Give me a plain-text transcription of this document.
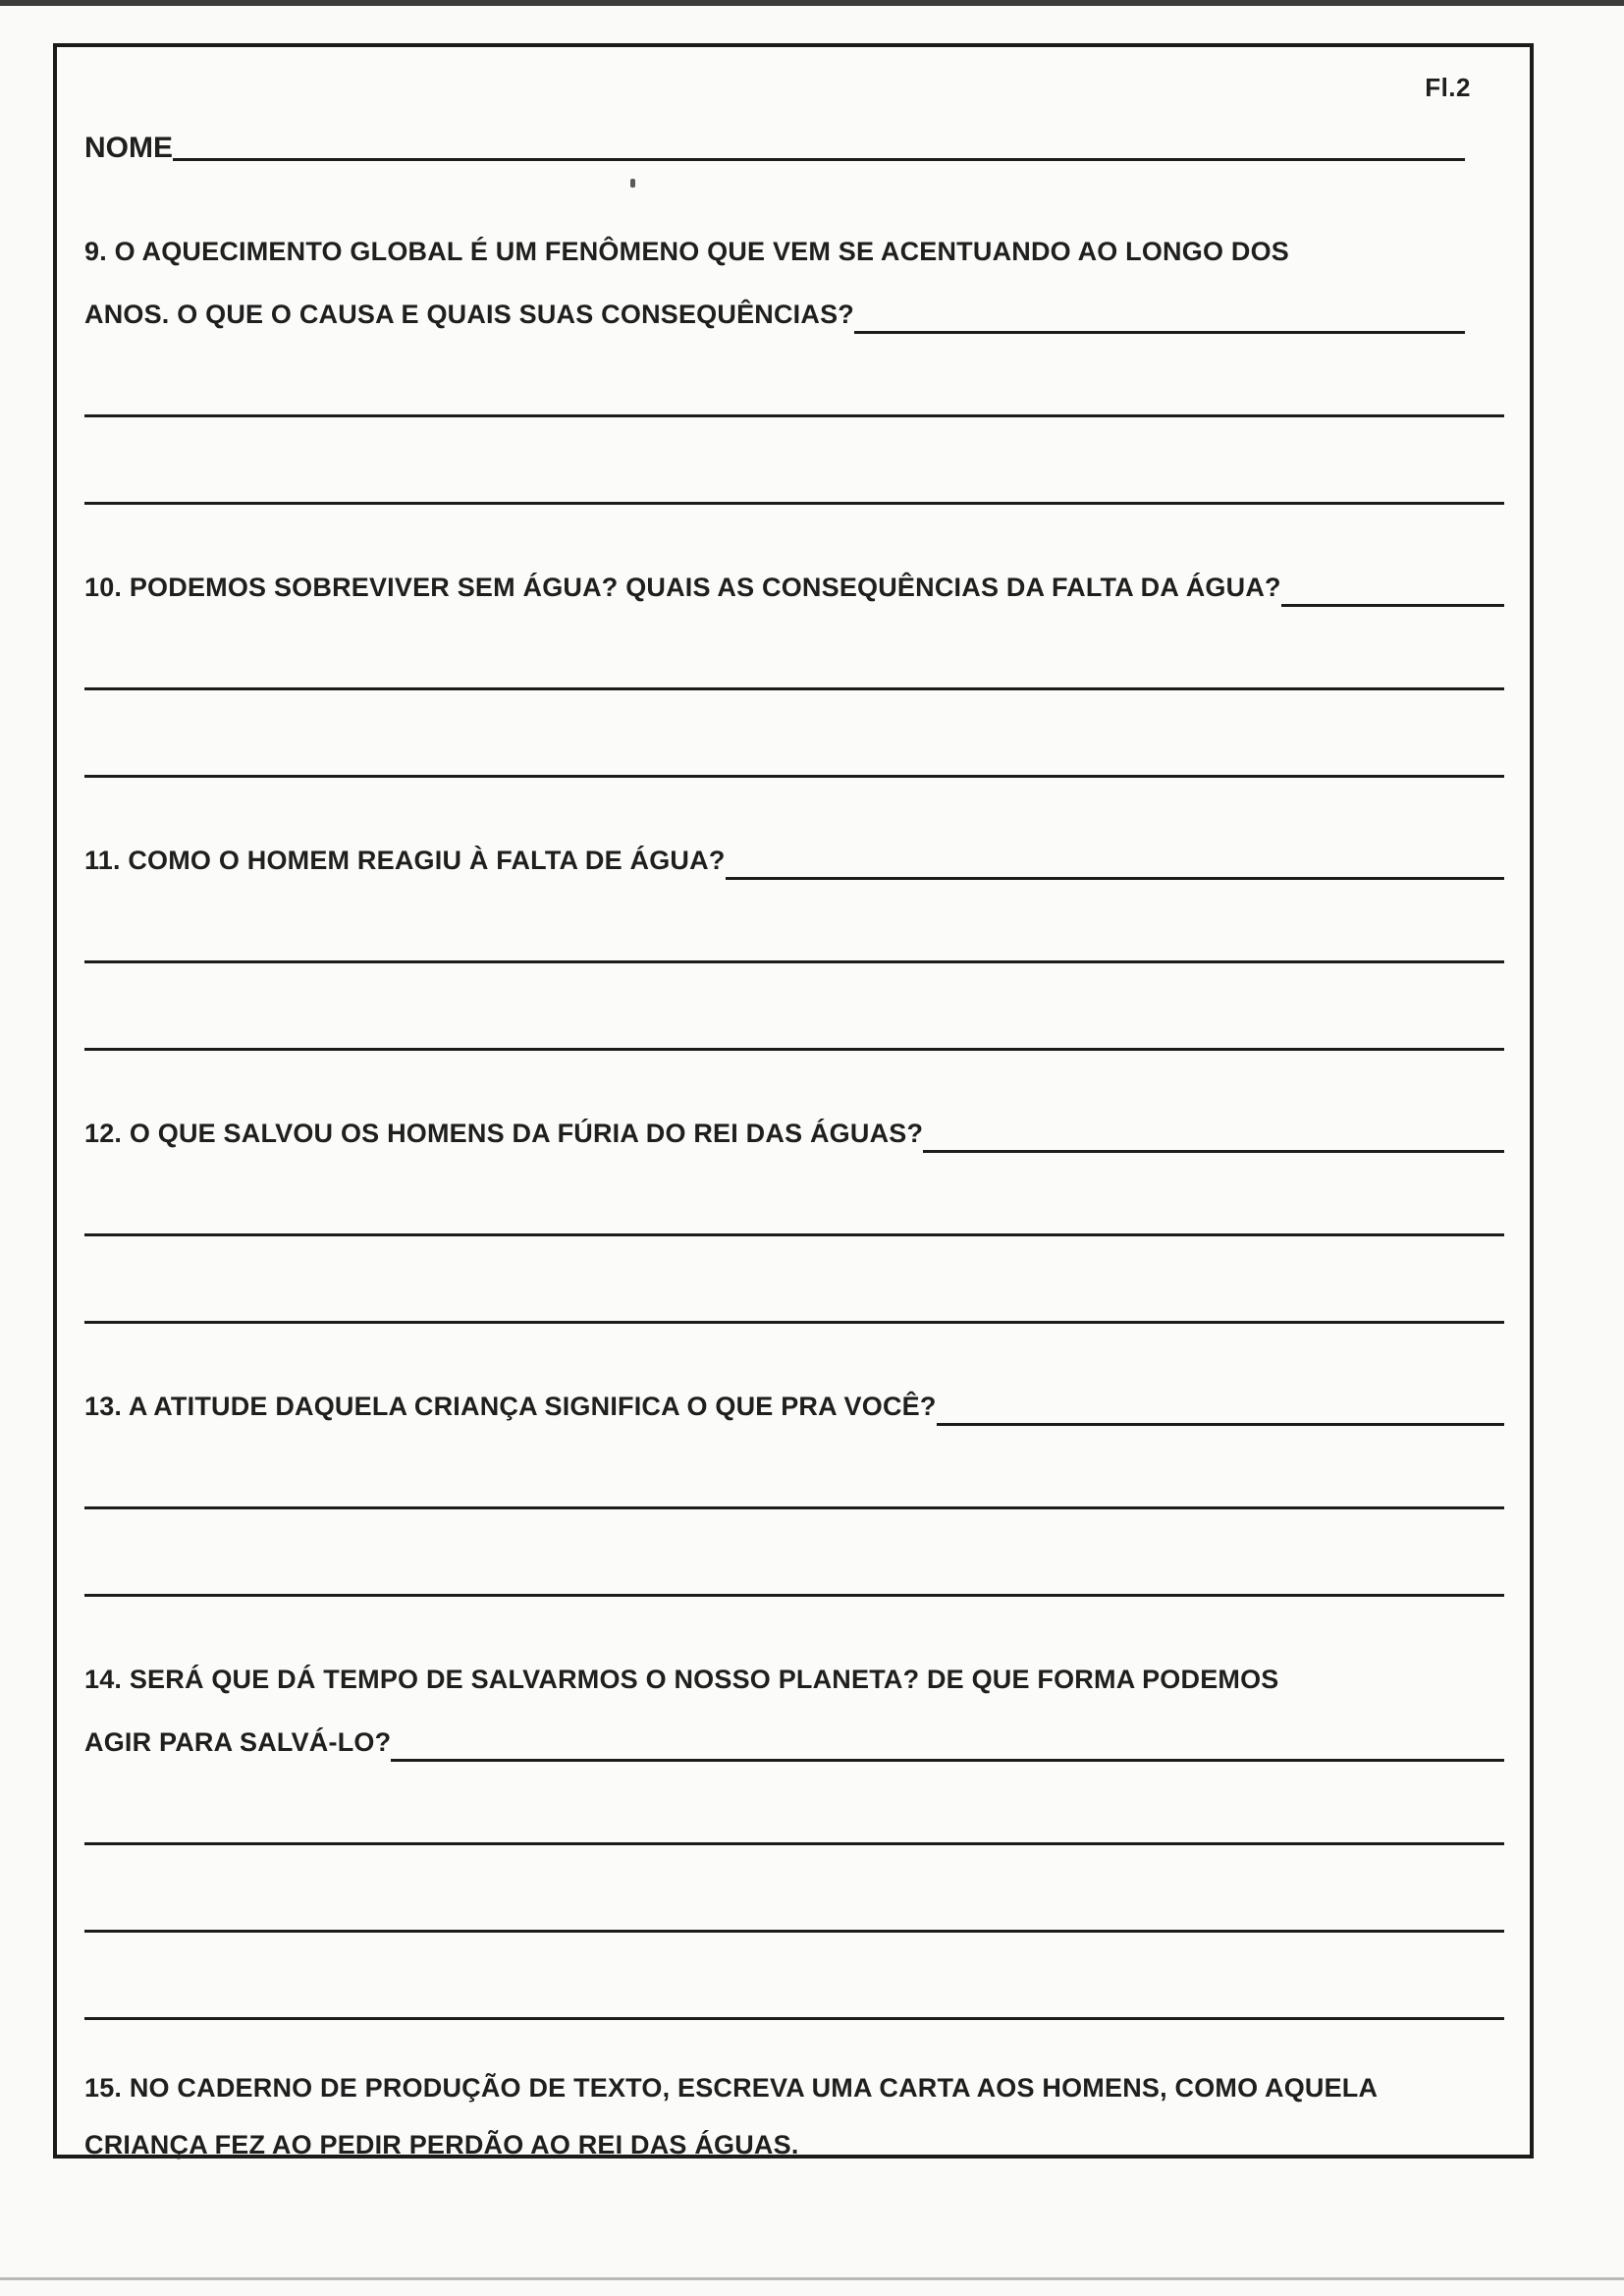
Fl.2
NOME
9. O AQUECIMENTO GLOBAL É UM FENÔMENO QUE VEM SE ACENTUANDO AO LONGO DOS
ANOS. O QUE O CAUSA E QUAIS SUAS CONSEQUÊNCIAS?
10. PODEMOS SOBREVIVER SEM ÁGUA? QUAIS AS CONSEQUÊNCIAS DA FALTA DA ÁGUA?
11. COMO O HOMEM REAGIU À FALTA DE ÁGUA?
12. O QUE SALVOU OS HOMENS DA FÚRIA DO REI DAS ÁGUAS?
13. A ATITUDE DAQUELA CRIANÇA SIGNIFICA O QUE PRA VOCÊ?
14. SERÁ QUE DÁ TEMPO DE SALVARMOS O NOSSO PLANETA? DE QUE FORMA PODEMOS
AGIR PARA SALVÁ-LO?
15. NO CADERNO DE PRODUÇÃO DE TEXTO, ESCREVA UMA CARTA AOS HOMENS, COMO AQUELA
CRIANÇA FEZ AO PEDIR PERDÃO AO REI DAS ÁGUAS.
